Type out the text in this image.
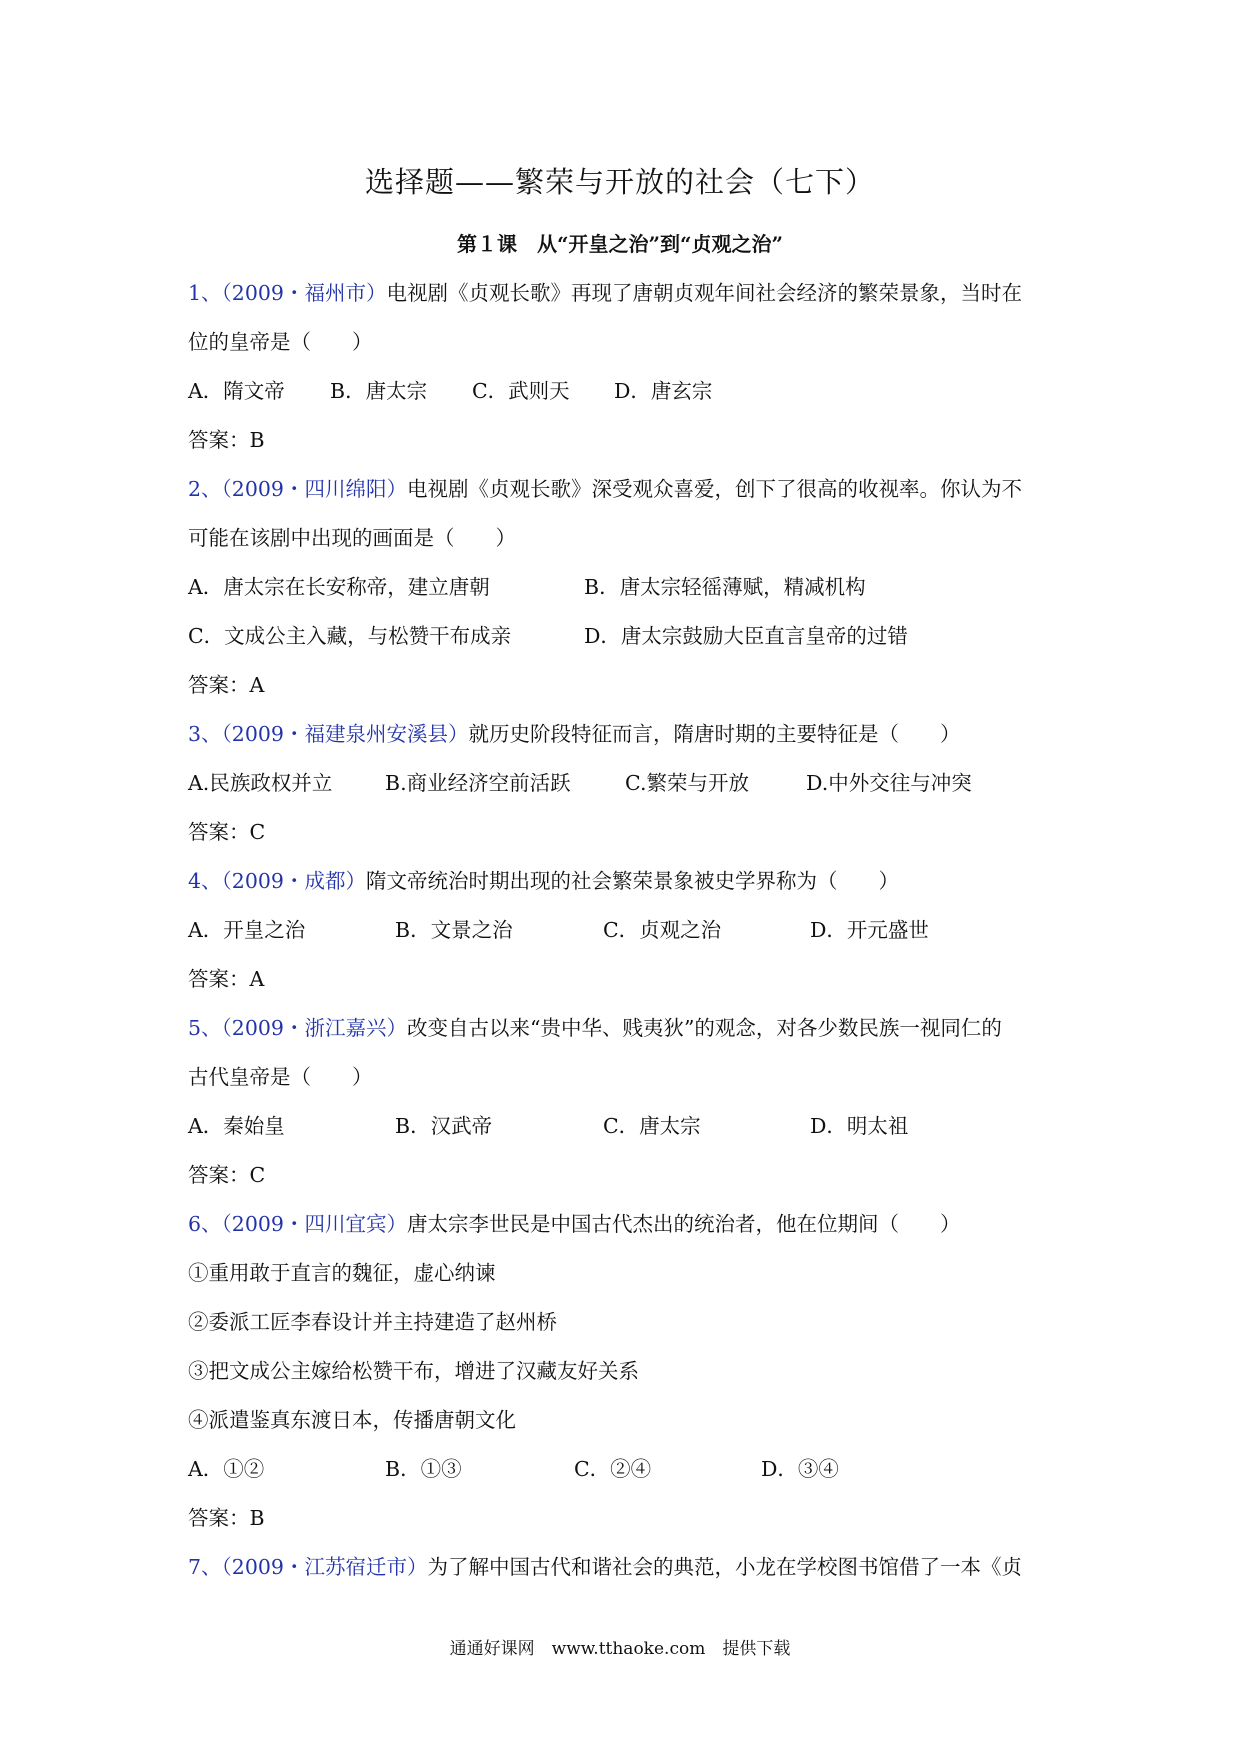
选择题——繁荣与开放的社会（七下）
第１课　从“开皇之治”到“贞观之治”
1、（2009・福州市）电视剧《贞观长歌》再现了唐朝贞观年间社会经济的繁荣景象，当时在
位的皇帝是（　　）
A．隋文帝 B．唐太宗 C．武则天 D．唐玄宗
答案：B
2、（2009・四川绵阳）电视剧《贞观长歌》深受观众喜爱，创下了很高的收视率。你认为不
可能在该剧中出现的画面是（　　）
A．唐太宗在长安称帝，建立唐朝	B．唐太宗轻徭薄赋，精减机构
C．文成公主入藏，与松赞干布成亲	D．唐太宗鼓励大臣直言皇帝的过错
答案：A
3、（2009・福建泉州安溪县）就历史阶段特征而言，隋唐时期的主要特征是（　　）
A.民族政权并立	B.商业经济空前活跃	C.繁荣与开放	D.中外交往与冲突
答案：C
4、（2009・成都）隋文帝统治时期出现的社会繁荣景象被史学界称为（　　）
A．开皇之治	B．文景之治	C．贞观之治	D．开元盛世
答案：A
5、（2009・浙江嘉兴）改变自古以来“贵中华、贱夷狄”的观念，对各少数民族一视同仁的
古代皇帝是（　　）
A．秦始皇	B．汉武帝	C．唐太宗	D．明太祖
答案：C
6、（2009・四川宜宾）唐太宗李世民是中国古代杰出的统治者，他在位期间（　　）
①重用敢于直言的魏征，虚心纳谏
②委派工匠李春设计并主持建造了赵州桥
③把文成公主嫁给松赞干布，增进了汉藏友好关系
④派遣鉴真东渡日本，传播唐朝文化
A．①②	B．①③	C．②④	D．③④
答案：B
7、（2009・江苏宿迁市）为了解中国古代和谐社会的典范，小龙在学校图书馆借了一本《贞
通通好课网　www.tthaoke.com　提供下载
